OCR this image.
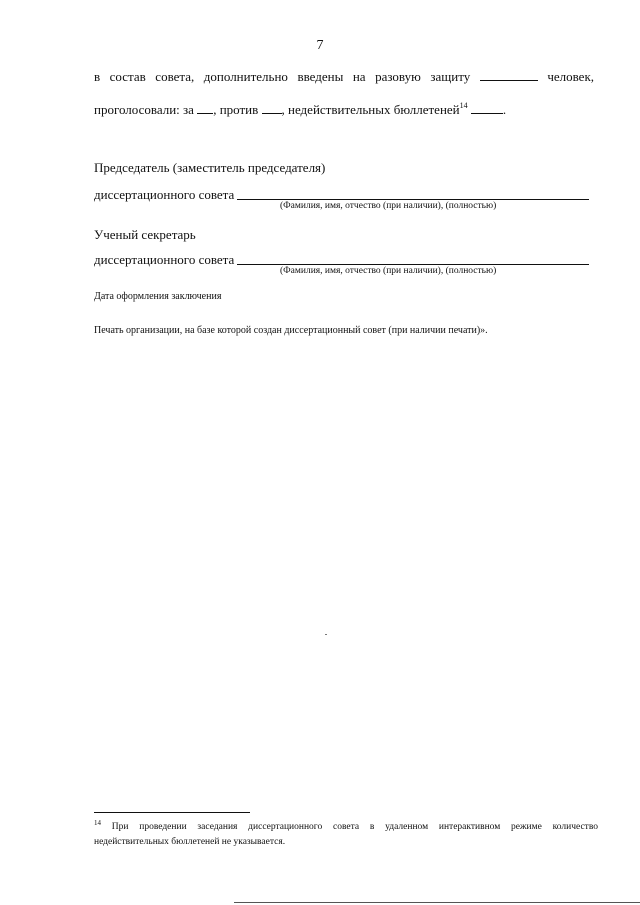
7
в состав совета, дополнительно введены на разовую защиту	человек,
проголосовали: за , против , недействительных бюллетеней$^{14}$	.
Председатель (заместитель председателя)
диссертационного совета
(Фамилия, имя, отчество (при наличии), (полностью)
Ученый секретарь
диссертационного совета
(Фамилия, имя, отчество (при наличии), (полностью)
Дата оформления заключения
Печать организации, на базе которой создан диссертационный совет (при наличии печати)».
$^{14}$ При проведении заседания диссертационного совета в удаленном интерактивном режиме количество
недействительных бюллетеней не указывается.
